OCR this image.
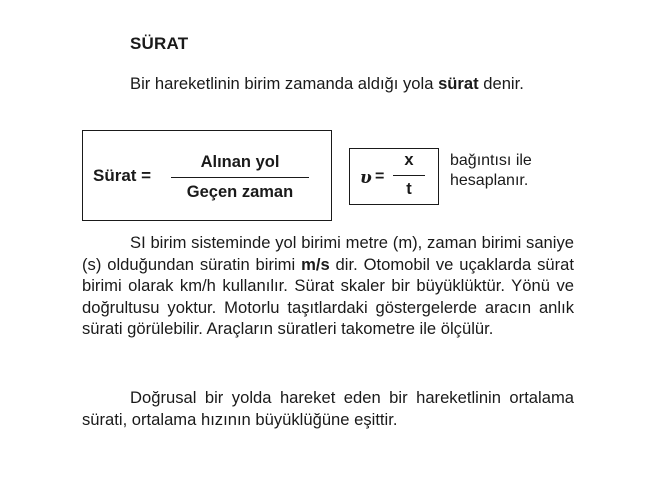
SÜRAT
Bir hareketlinin birim zamanda aldığı yola sürat denir.
Sürat =
Alınan yol
Geçen zaman
υ =
x
t
bağıntısı ile
hesaplanır.
SI birim sisteminde yol birimi metre (m), zaman birimi saniye (s) olduğundan süratin birimi m/s dir. Otomobil ve uçaklarda sürat birimi olarak km/h kullanılır. Sürat skaler bir büyüklüktür. Yönü ve doğrultusu yoktur. Motorlu taşıtlardaki göstergelerde aracın anlık sürati görülebilir. Araçların süratleri takometre ile ölçülür.
Doğrusal bir yolda hareket eden bir hareketlinin ortalama sürati, ortalama hızının büyüklüğüne eşittir.
